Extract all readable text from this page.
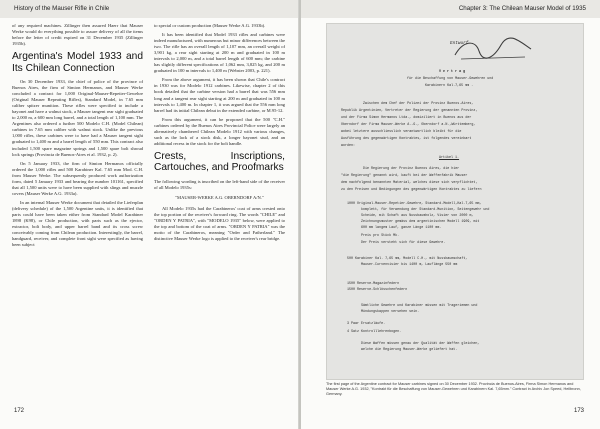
History of the Mauser Rifle in Chile

of any required machines. Zillinger then assured Haerr that Mauser Werke would do everything possible to assure delivery of all the items before the letter of credit expired on 31 December 1935 (Zillinger 1935b).

Argentina's Model 1933 and Its Chilean Connection

On 30 December 1933, the chief of police of the province of Buenos Aires, the firm of Simion Hermanos, and Mauser Werke concluded a contract for 1,000 Original-Mauser-Repetier-Gewehre (Original Mauser Repeating Rifles), Standard Model, in 7.65 mm caliber spitzer munition. These rifles were specified to include a bayonet and have a walnut stock, a Mauser tangent rear sight graduated to 2,000 m, a 600 mm long barrel, and a total length of 1,100 mm. The Argentines also ordered a further 500 Modelo C.H. (Model Chilean) carbines in 7.65 mm caliber with walnut stock. Unlike the previous 1,000 rifles, these carbines were to have had a Mauser tangent sight graduated to 1,400 m and a barrel length of 550 mm. This contract also included 1,500 spare magazine springs and 1,500 spare bolt shroud lock springs (Provincia de Buenos-Aires et al. 1932, p. 2).

On 5 January 1933, the firm of Simion Hermanos officially ordered the 1,000 rifles and 500 Karabiner Kal. 7.65 mm Mod. C.H. from Mauser Werke. The subsequently produced work authorization form, dated 5 January 1933 and bearing the number 101161, specified that all 1,500 units were to have been supplied with slings and muzzle covers (Mauser Werke A.G. 1933a).

In an internal Mauser Werke document that detailed the Lieferplan (delivery schedule) of the 1,500 Argentine units, it is identified that parts could have been taken either from Standard Model Karabiner 1898 (K98), or Chile production, with parts such as the ejector, extractor, bolt body, and upper barrel band and its cross screw conceivably coming from Chilean production. Interestingly, the barrel, handguard, receiver, and complete front sight were specified as having been subject

to special or custom production (Mauser Werke A.G. 1933b).

It has been identified that Model 1933 rifles and carbines were indeed manufactured, with numerous but minor differences between the two. The rifle has an overall length of 1,107 mm, an overall weight of 3,901 kg, a rear sight starting at 200 m and graduated in 100 m intervals to 2,000 m, and a total barrel length of 600 mm; the carbine has slightly different specifications of 1,062 mm, 3,825 kg, and 200 m graduated in 100 m intervals to 1,400 m (Webster 2003, p. 221).

From the above argument, it has been shown that Chile's contract in 1930 was for Modelo 1912 carbines. Likewise, chapter 2 of this book detailed that the carbine version had a barrel that was 556 mm long and a tangent rear sight starting at 200 m and graduated in 100 m intervals to 1,400 m. In chapter 1, it was argued that the 556 mm long barrel had its initial Chilean debut in the extended carbine, or M.95-12.

From this argument, it can be proposed that the 500 "C.H." carbines ordered by the Buenos Aires Provincial Police were largely an alternatively chambered Chilean Modelo 1912 with various changes, such as the lack of a stock disk, a longer bayonet stud, and an additional recess in the stock for the bolt handle.

Crests, Inscriptions, Cartouches, and Proofmarks

The following wording is inscribed on the left-hand side of the receiver of all Modelo 1935s:

"MAUSER-WERKE A.G. OBERNDORF A/N."

All Modelo 1935s had the Carabineros' coat of arms crested onto the top portion of the receiver's forward ring. The words "CHILE" and "ORDEN Y PATRIA", with "MODELO 1935" below, were applied to the top and bottom of the coat of arms. "ORDEN Y PATRIA" was the motto of the Carabineros, meaning "Order and Fatherland." The distinctive Mauser Werke logo is applied to the receiver's rear bridge.

172
Chapter 3: The Chilean Mauser Model of 1935
Entwurf
V e r t r a g
für die Beschaffung von Mauser-Gewehren und
Karabinern Kal.7,65 mm .
Zwischen dem Chef der Polizei der Provinz Buenos-Aires,
Republik Argentinien, Vertreter der Regierung der genannten Provinz,
und der Firma Simon Hermanos Ltda., domiziliert in Buenos aus der
Oberndorf der Firma Mauser-Werke A.-G., Oberndorf a.N.,Württemberg,
wobei letztere ausschliesslich verantwortlich bleibt für die
Ausführung des gegenwärtigen Kontraktes, ist folgendes vereinbart
worden:
Artikel 1.
Die Regierung der Provinz Buenos Aires, die hier
"die Regierung" genannt wird, kauft bei der Waffenfabrik Mauser
dem nachfolgend benannten Material, welches diese sich verpflichtet,
zu den Preisen und Bedingungen des gegenwärtigen Kontraktes zu liefern
1000 Original-Mauser-Repetier-Gewehre, Standard-Modell,Kal.7,65 mm,
komplett, für Verwendung der Standard-Munition, Seitengewehr und
Scheide, mit Schaft aus Nussbaumholz, Visier von 2000 m,
Zeichnungsmuster gemäss dem argentinischen Modell 1909, mit
600 mm langem Lauf, ganze Länge 1100 mm.
Preis pro Stück Mk.
Der Preis versteht sich für diese Gewehre.
500 Karabiner Kal. 7,65 mm, Modell C.H., mit Nussbaumschaft,
Mauser-Curvenvisier bis 1400 m, Lauflänge 550 mm
1500 Reserve-Magazinfedern
1500 Reserve-Schlösschenfedern
Sämtliche Gewehre und Karabiner müssen mit Trageriemen und
Mündungskappen versehen sein.
3 Paar Ersatzläufe.
4 Satz Kontrolllehrenbogen.
Diese Waffen müssen genau der Qualität der Waffen gleichen,
welche die Regierung Mauser-Werke geliefert hat.
The first page of the Argentine contract for Mauser carbines signed on 30 December 1932. Provincia de Buenos-Aires, Firma Simon Hermanos and Mauser Werke A.G. 1932, "Kontrakt für die Beschaffung von Mauser-Gewehren und Karabinern Kal. 7,65mm." Contract in Archiv Jon Speed, Heilbronn, Germany.
173
